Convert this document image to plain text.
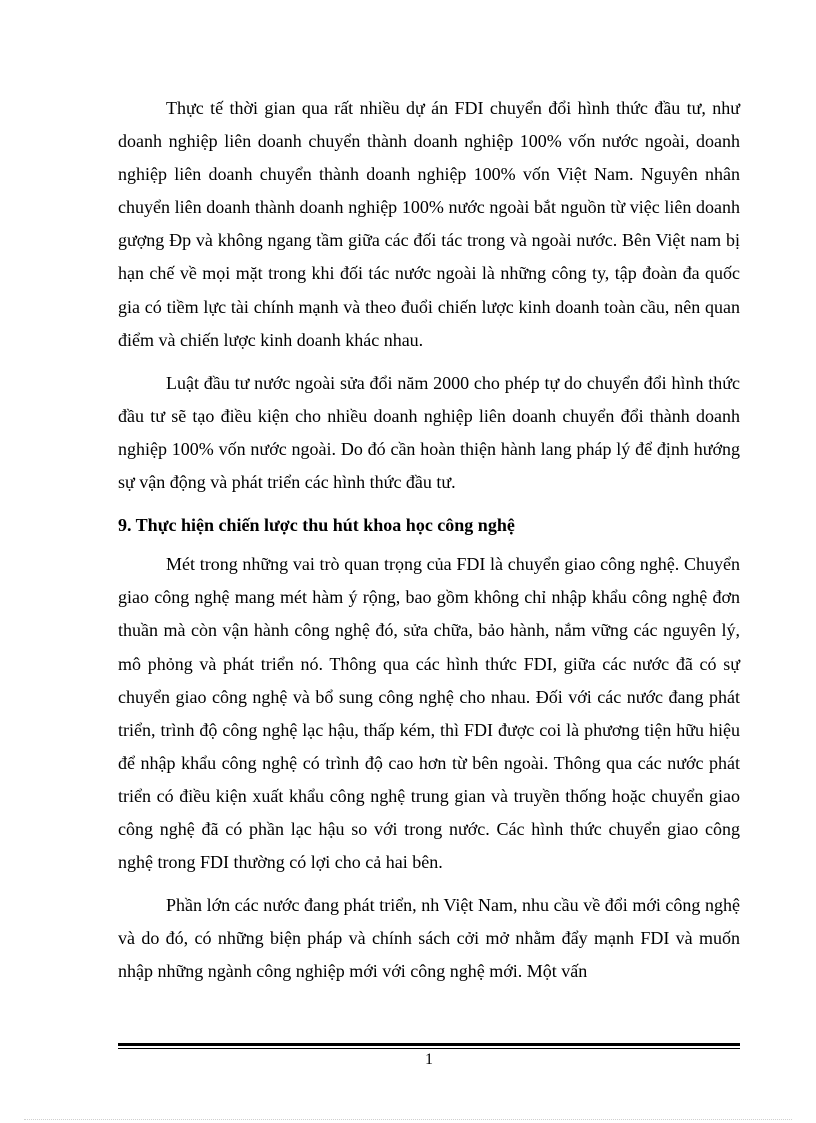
Thực tế thời gian qua rất nhiều dự án FDI chuyển đổi hình thức đầu tư, như doanh nghiệp liên doanh chuyển thành doanh nghiệp 100% vốn nước ngoài, doanh nghiệp liên doanh chuyển thành doanh nghiệp 100% vốn Việt Nam. Nguyên nhân chuyển liên doanh thành doanh nghiệp 100% nước ngoài bắt nguồn từ việc liên doanh gượng Ðp và không ngang tầm giữa các đối tác trong và ngoài nước. Bên Việt nam bị hạn chế về mọi mặt trong khi đối tác nước ngoài là những công ty, tập đoàn đa quốc gia có tiềm lực tài chính mạnh và theo đuổi chiến lược kinh doanh toàn cầu, nên quan điểm và chiến lược kinh doanh khác nhau.

Luật đầu tư nước ngoài sửa đổi năm 2000 cho phép tự do chuyển đổi hình thức đầu tư sẽ tạo điều kiện cho nhiều doanh nghiệp liên doanh chuyển đổi thành doanh nghiệp 100% vốn nước ngoài. Do đó cần hoàn thiện hành lang pháp lý để định hướng sự vận động và phát triển các hình thức đầu tư.

9. Thực hiện chiến lược thu hút khoa học công nghệ

Mét trong những vai trò quan trọng của FDI là chuyển giao công nghệ. Chuyển giao công nghệ mang mét hàm ý rộng, bao gồm không chỉ nhập khẩu công nghệ đơn thuần mà còn vận hành công nghệ đó, sửa chữa, bảo hành, nắm vững các nguyên lý, mô phỏng và phát triển nó. Thông qua các hình thức FDI, giữa các nước đã có sự chuyển giao công nghệ và bổ sung công nghệ cho nhau. Đối với các nước đang phát triển, trình độ công nghệ lạc hậu, thấp kém, thì FDI được coi là phương tiện hữu hiệu để nhập khẩu công nghệ có trình độ cao hơn từ bên ngoài. Thông qua các nước phát triển có điều kiện xuất khẩu công nghệ trung gian và truyền thống hoặc chuyển giao công nghệ đã có phần lạc hậu so với trong nước. Các hình thức chuyển giao công nghệ trong FDI thường có lợi cho cả hai bên.

Phần lớn các nước đang phát triển, nh Việt Nam, nhu cầu về đổi mới công nghệ và do đó, có những biện pháp và chính sách cởi mở nhằm đẩy mạnh FDI và muốn nhập những ngành công nghiệp mới với công nghệ mới. Một vấn

1
